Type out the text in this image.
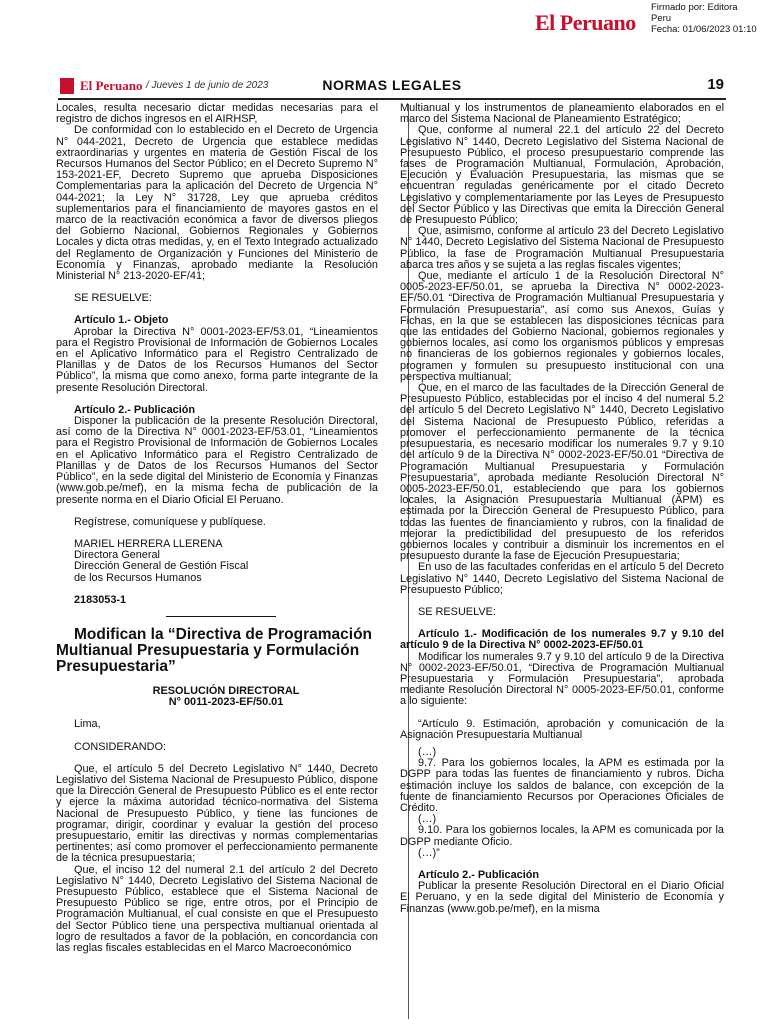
El Peruano
Firmado por: Editora
Peru
Fecha: 01/06/2023 01:10
El Peruano / Jueves 1 de junio de 2023	NORMAS LEGALES	19

Locales, resulta necesario dictar medidas necesarias para el registro de dichos ingresos en el AIRHSP,

De conformidad con lo establecido en el Decreto de Urgencia N° 044-2021, Decreto de Urgencia que establece medidas extraordinarias y urgentes en materia de Gestión Fiscal de los Recursos Humanos del Sector Público; en el Decreto Supremo N° 153-2021-EF, Decreto Supremo que aprueba Disposiciones Complementarias para la aplicación del Decreto de Urgencia N° 044-2021; la Ley N° 31728, Ley que aprueba créditos suplementarios para el financiamiento de mayores gastos en el marco de la reactivación económica a favor de diversos pliegos del Gobierno Nacional, Gobiernos Regionales y Gobiernos Locales y dicta otras medidas, y, en el Texto Integrado actualizado del Reglamento de Organización y Funciones del Ministerio de Economía y Finanzas, aprobado mediante la Resolución Ministerial N° 213-2020-EF/41;

SE RESUELVE:

Artículo 1.- Objeto

Aprobar la Directiva N° 0001-2023-EF/53.01, “Lineamientos para el Registro Provisional de Información de Gobiernos Locales en el Aplicativo Informático para el Registro Centralizado de Planillas y de Datos de los Recursos Humanos del Sector Público”, la misma que como anexo, forma parte integrante de la presente Resolución Directoral.

Artículo 2.- Publicación

Disponer la publicación de la presente Resolución Directoral, así como de la Directiva N° 0001-2023-EF/53.01, “Lineamientos para el Registro Provisional de Información de Gobiernos Locales en el Aplicativo Informático para el Registro Centralizado de Planillas y de Datos de los Recursos Humanos del Sector Público”, en la sede digital del Ministerio de Economía y Finanzas (www.gob.pe/mef), en la misma fecha de publicación de la presente norma en el Diario Oficial El Peruano.

Regístrese, comuníquese y publíquese.

MARIEL HERRERA LLERENA

Directora General

Dirección General de Gestión Fiscal

de los Recursos Humanos

2183053-1

Modifican la “Directiva de Programación Multianual Presupuestaria y Formulación Presupuestaria”

RESOLUCIÓN DIRECTORAL

N° 0011-2023-EF/50.01

Lima,

CONSIDERANDO:

Que, el artículo 5 del Decreto Legislativo N° 1440, Decreto Legislativo del Sistema Nacional de Presupuesto Público, dispone que la Dirección General de Presupuesto Público es el ente rector y ejerce la máxima autoridad técnico-normativa del Sistema Nacional de Presupuesto Público, y tiene las funciones de programar, dirigir, coordinar y evaluar la gestión del proceso presupuestario, emitir las directivas y normas complementarias pertinentes; así como promover el perfeccionamiento permanente de la técnica presupuestaria;

Que, el inciso 12 del numeral 2.1 del artículo 2 del Decreto Legislativo N° 1440, Decreto Legislativo del Sistema Nacional de Presupuesto Público, establece que el Sistema Nacional de Presupuesto Público se rige, entre otros, por el Principio de Programación Multianual, el cual consiste en que el Presupuesto del Sector Público tiene una perspectiva multianual orientada al logro de resultados a favor de la población, en concordancia con las reglas fiscales establecidas en el Marco Macroeconómico

Multianual y los instrumentos de planeamiento elaborados en el marco del Sistema Nacional de Planeamiento Estratégico;

Que, conforme al numeral 22.1 del artículo 22 del Decreto Legislativo N° 1440, Decreto Legislativo del Sistema Nacional de Presupuesto Público, el proceso presupuestario comprende las fases de Programación Multianual, Formulación, Aprobación, Ejecución y Evaluación Presupuestaria, las mismas que se encuentran reguladas genéricamente por el citado Decreto Legislativo y complementariamente por las Leyes de Presupuesto del Sector Público y las Directivas que emita la Dirección General de Presupuesto Público;

Que, asimismo, conforme al artículo 23 del Decreto Legislativo N° 1440, Decreto Legislativo del Sistema Nacional de Presupuesto Público, la fase de Programación Multianual Presupuestaria abarca tres años y se sujeta a las reglas fiscales vigentes;

Que, mediante el artículo 1 de la Resolución Directoral N° 0005-2023-EF/50.01, se aprueba la Directiva N° 0002-2023-EF/50.01 “Directiva de Programación Multianual Presupuestaria y Formulación Presupuestaria”, así como sus Anexos, Guías y Fichas, en la que se establecen las disposiciones técnicas para que las entidades del Gobierno Nacional, gobiernos regionales y gobiernos locales, así como los organismos públicos y empresas no financieras de los gobiernos regionales y gobiernos locales, programen y formulen su presupuesto institucional con una perspectiva multianual;

Que, en el marco de las facultades de la Dirección General de Presupuesto Público, establecidas por el inciso 4 del numeral 5.2 del artículo 5 del Decreto Legislativo N° 1440, Decreto Legislativo del Sistema Nacional de Presupuesto Público, referidas a promover el perfeccionamiento permanente de la técnica presupuestaria, es necesario modificar los numerales 9.7 y 9.10 del artículo 9 de la Directiva N° 0002-2023-EF/50.01 “Directiva de Programación Multianual Presupuestaria y Formulación Presupuestaria”, aprobada mediante Resolución Directoral N° 0005-2023-EF/50.01, estableciendo que para los gobiernos locales, la Asignación Presupuestaria Multianual (APM) es estimada por la Dirección General de Presupuesto Público, para todas las fuentes de financiamiento y rubros, con la finalidad de mejorar la predictibilidad del presupuesto de los referidos gobiernos locales y contribuir a disminuir los incrementos en el presupuesto durante la fase de Ejecución Presupuestaria;

En uso de las facultades conferidas en el artículo 5 del Decreto Legislativo N° 1440, Decreto Legislativo del Sistema Nacional de Presupuesto Público;

SE RESUELVE:

Artículo 1.- Modificación de los numerales 9.7 y 9.10 del artículo 9 de la Directiva N° 0002-2023-EF/50.01

Modificar los numerales 9.7 y 9.10 del artículo 9 de la Directiva N° 0002-2023-EF/50.01, “Directiva de Programación Multianual Presupuestaria y Formulación Presupuestaria”, aprobada mediante Resolución Directoral N° 0005-2023-EF/50.01, conforme a lo siguiente:

“Artículo 9. Estimación, aprobación y comunicación de la Asignación Presupuestaria Multianual

(…)

9.7. Para los gobiernos locales, la APM es estimada por la DGPP para todas las fuentes de financiamiento y rubros. Dicha estimación incluye los saldos de balance, con excepción de la fuente de financiamiento Recursos por Operaciones Oficiales de Crédito.

(…)

9.10. Para los gobiernos locales, la APM es comunicada por la DGPP mediante Oficio.

(…)”

Artículo 2.- Publicación

Publicar la presente Resolución Directoral en el Diario Oficial El Peruano, y en la sede digital del Ministerio de Economía y Finanzas (www.gob.pe/mef), en la misma
